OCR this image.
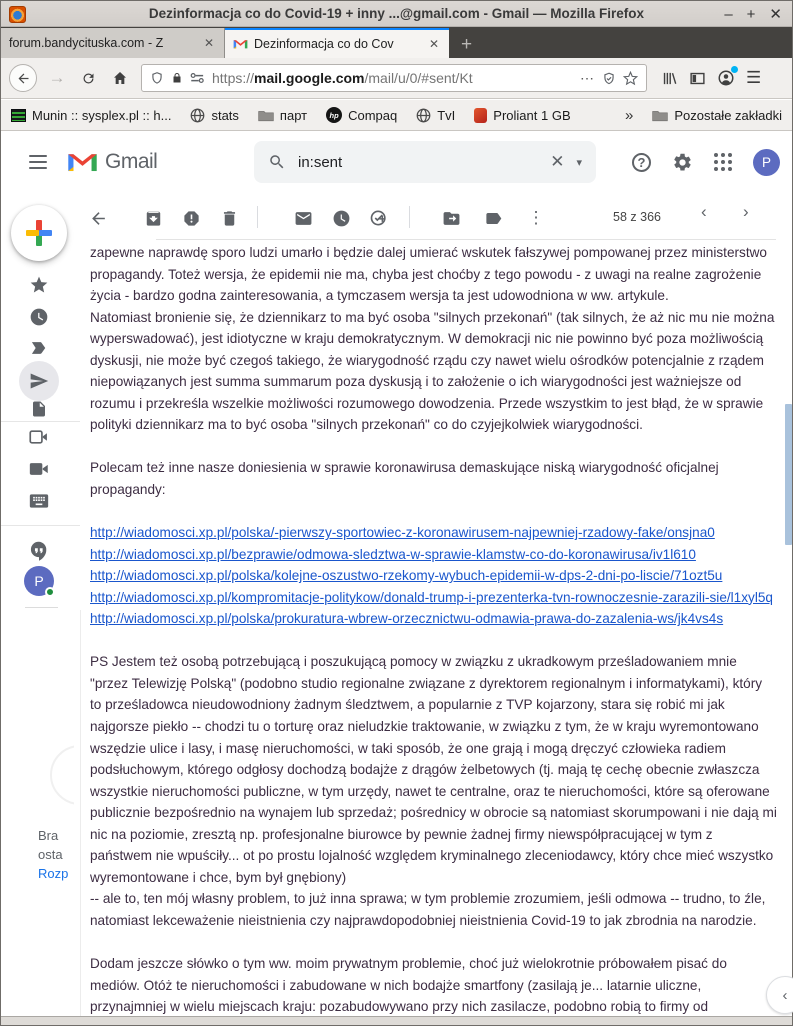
Dezinformacja co do Covid-19 + inny ...@gmail.com - Gmail — Mozilla Firefox	– + ✕
forum.bandycituska.com - Z	✕	Dezinformacja co do Cov	✕ +
→	https://mail.google.com/mail/u/0/#sent/Kt	⋯	☰
Munin :: sysplex.pl :: h...	stats	парт	hp Compaq	TvI	Proliant 1 GB	»	Pozostałe zakładki
Gmail	in:sent	✕ ▾	?	P
⋮	58 z 366 ‹ ›
P
Bra
osta
Rozp
zapewne naprawdę sporo ludzi umarło i będzie dalej umierać wskutek fałszywej pompowanej przez ministerstwo propagandy. Toteż wersja, że epidemii nie ma, chyba jest choćby z tego powodu - z uwagi na realne zagrożenie życia - bardzo godna zainteresowania, a tymczasem wersja ta jest udowodniona w ww. artykule.
Natomiast bronienie się, że dziennikarz to ma być osoba "silnych przekonań" (tak silnych, że aż nic mu nie można wyperswadować), jest idiotyczne w kraju demokratycznym. W demokracji nic nie powinno być poza możliwością dyskusji, nie może być czegoś takiego, że wiarygodność rządu czy nawet wielu ośrodków potencjalnie z rządem niepowiązanych jest summa summarum poza dyskusją i to założenie o ich wiarygodności jest ważniejsze od rozumu i przekreśla wszelkie możliwości rozumowego dowodzenia. Przede wszystkim to jest błąd, że w sprawie polityki dziennikarz ma to być osoba "silnych przekonań" co do czyjejkolwiek wiarygodności.
Polecam też inne nasze doniesienia w sprawie koronawirusa demaskujące niską wiarygodność oficjalnej propagandy:
http://wiadomosci.xp.pl/polska/-pierwszy-sportowiec-z-koronawirusem-najpewniej-rzadowy-fake/onsjna0
http://wiadomosci.xp.pl/bezprawie/odmowa-sledztwa-w-sprawie-klamstw-co-do-koronawirusa/iv1l610
http://wiadomosci.xp.pl/polska/kolejne-oszustwo-rzekomy-wybuch-epidemii-w-dps-2-dni-po-liscie/71ozt5u
http://wiadomosci.xp.pl/kompromitacje-politykow/donald-trump-i-prezenterka-tvn-rownoczesnie-zarazili-sie/l1xyl5q
http://wiadomosci.xp.pl/polska/prokuratura-wbrew-orzecznictwu-odmawia-prawa-do-zazalenia-ws/jk4vs4s
PS Jestem też osobą potrzebującą i poszukującą pomocy w związku z ukradkowym prześladowaniem mnie "przez Telewizję Polską" (podobno studio regionalne związane z dyrektorem regionalnym i informatykami), który to prześladowca nieudowodniony żadnym śledztwem, a popularnie z TVP kojarzony, stara się robić mi jak najgorsze piekło -- chodzi tu o torturę oraz nieludzkie traktowanie, w związku z tym, że w kraju wyremontowano wszędzie ulice i lasy, i masę nieruchomości, w taki sposób, że one grają i mogą dręczyć człowieka radiem podsłuchowym, którego odgłosy dochodzą bodajże z drągów żelbetowych (tj. mają tę cechę obecnie zwłaszcza wszystkie nieruchomości publiczne, w tym urzędy, nawet te centralne, oraz te nieruchomości, które są oferowane publicznie bezpośrednio na wynajem lub sprzedaż; pośrednicy w obrocie są natomiast skorumpowani i nie dają mi nic na poziomie, zresztą np. profesjonalne biurowce by pewnie żadnej firmy niewspółpracującej w tym z państwem nie wpuściły... ot po prostu lojalność względem kryminalnego zleceniodawcy, który chce mieć wszystko wyremontowane i chce, bym był gnębiony)
-- ale to, ten mój własny problem, to już inna sprawa; w tym problemie zrozumiem, jeśli odmowa -- trudno, to źle, natomiast lekceważenie nieistnienia czy najprawdopodobniej nieistnienia Covid-19 to jak zbrodnia na narodzie.
Dodam jeszcze słówko o tym ww. moim prywatnym problemie, choć już wielokrotnie próbowałem pisać do mediów. Otóż te nieruchomości i zabudowane w nich bodajże smartfony (zasilają je... latarnie uliczne, przynajmniej w wielu miejscach kraju: pozabudowywano przy nich zasilacze, podobno robią to firmy od
‹
